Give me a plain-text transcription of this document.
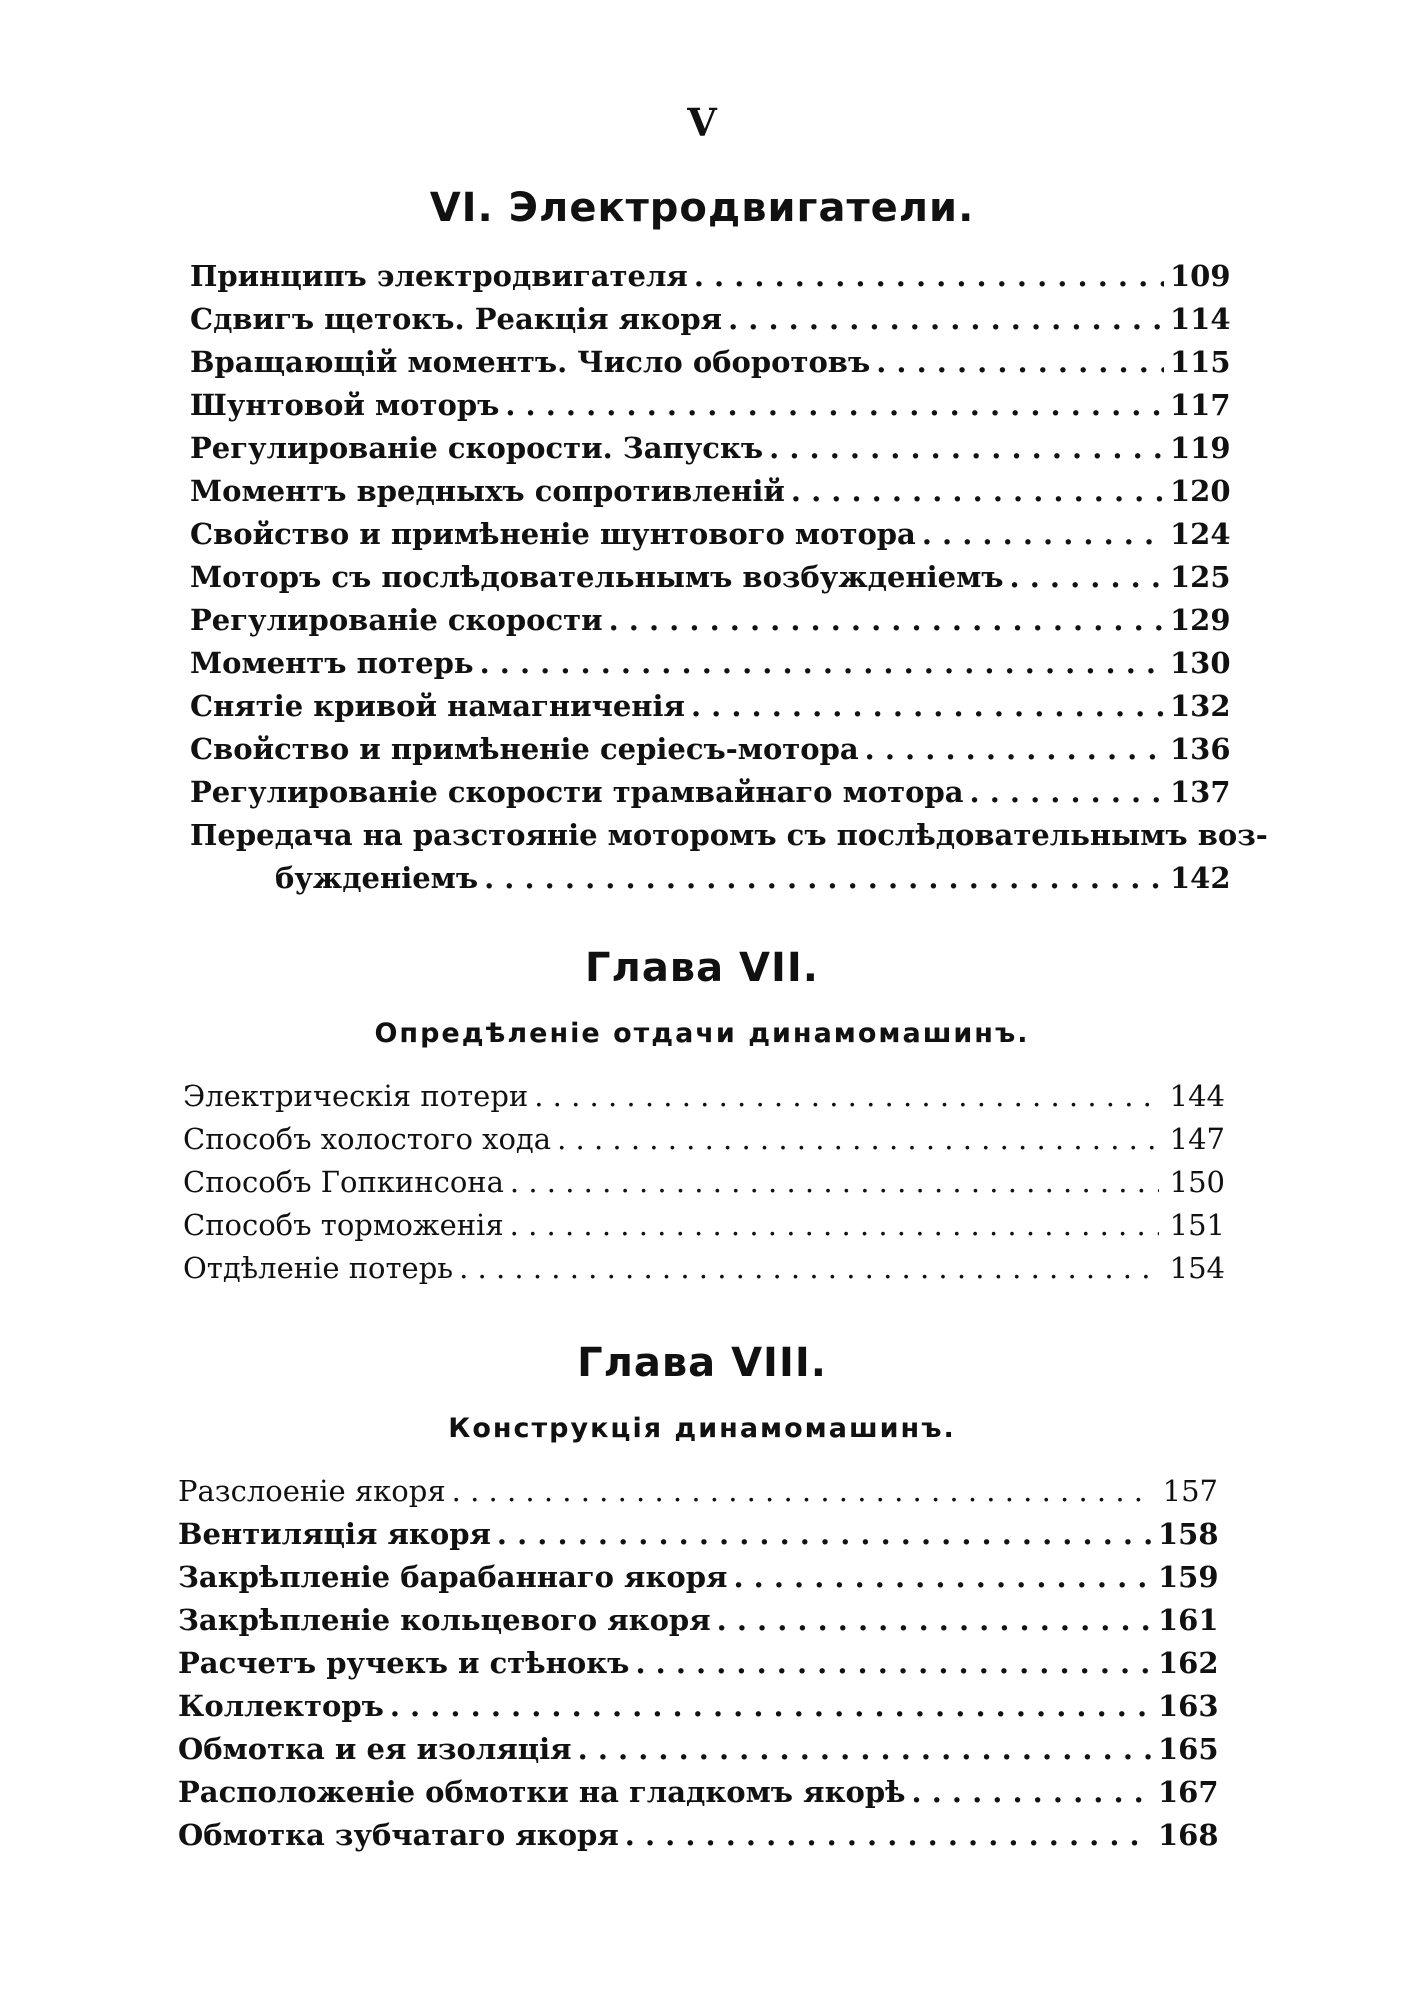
V
VI. Электродвигатели.
Принципъ электродвигателя . . .	109
Сдвигъ щетокъ. Реакція якоря . . .	114
Вращающій моментъ. Число оборотовъ . . .	115
Шунтовой моторъ . . .	117
Регулированіе скорости. Запускъ . . .	119
Моментъ вредныхъ сопротивленій . . .	120
Свойство и примѣненіе шунтового мотора . . .	124
Моторъ съ послѣдовательнымъ возбужденіемъ . . .	125
Регулированіе скорости . . .	129
Моментъ потерь . . .	130
Снятіе кривой намагниченія . . .	132
Свойство и примѣненіе серіесъ-мотора . . .	136
Регулированіе скорости трамвайнаго мотора . . .	137
Передача на разстояніе моторомъ съ послѣдовательнымъ воз-
бужденіемъ . . .	142
Глава VII.
Опредѣленіе отдачи динамомашинъ.
Электрическія потери . . .	144
Способъ холостого хода . . .	147
Способъ Гопкинсона . . .	150
Способъ торможенія . . .	151
Отдѣленіе потерь . . .	154
Глава VIII.
Конструкція динамомашинъ.
Разслоеніе якоря . . .	157
Вентиляція якоря . . .	158
Закрѣпленіе барабаннаго якоря . . .	159
Закрѣпленіе кольцевого якоря . . .	161
Расчетъ ручекъ и стѣнокъ . . .	162
Коллекторъ . . .	163
Обмотка и ея изоляція . . .	165
Расположеніе обмотки на гладкомъ якорѣ . . .	167
Обмотка зубчатаго якоря . . .	168
